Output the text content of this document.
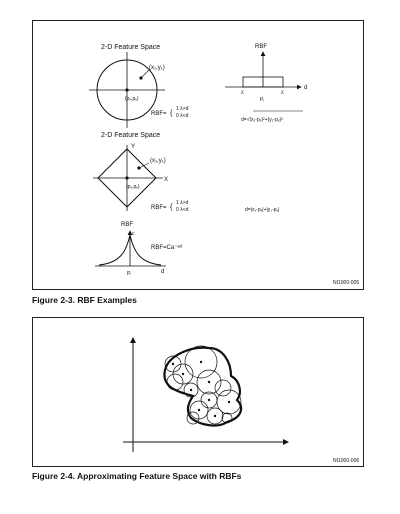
2-D Feature Space
(x₁,y₁)
(pₓ,pᵧ)
RBF= {
1 λ>d
0 λ<d
RBF
d
λ
Pᵢ
λ
d=√(x₁-pₓ)²+(y₁-pᵧ)²
2-D Feature Space
Y
X
(x₁,y₁)
(pₓ,pᵧ)
RBF= {
1 λ>d
0 λ<d	d=|x₁-pₓ|+|y₁-pᵧ|
RBF
c
RBF=Ca⁻ᵃᵈ
Pᵢ	d
NI1000-005
Figure 2-3. RBF Examples
NI1000-006
Figure 2-4. Approximating Feature Space with RBFs
